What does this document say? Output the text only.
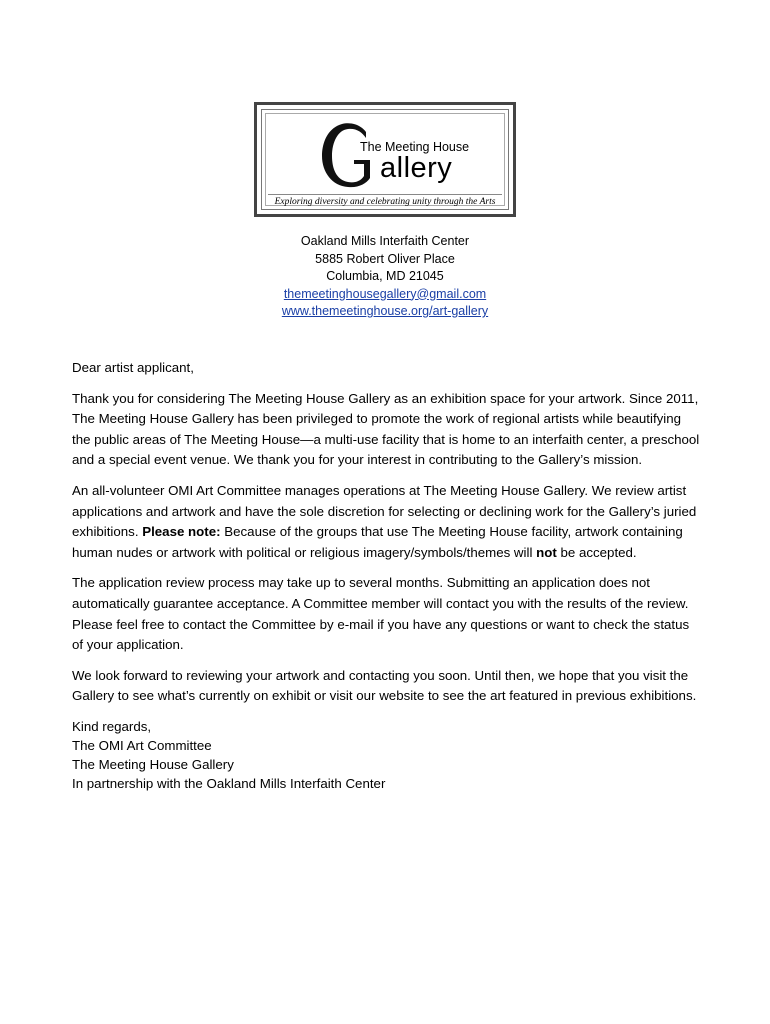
The Meeting House
allery
Exploring diversity and celebrating unity through the Arts
Oakland Mills Interfaith Center
5885 Robert Oliver Place
Columbia, MD 21045
themeetinghousegallery@gmail.com
www.themeetinghouse.org/art-gallery

Dear artist applicant,

Thank you for considering The Meeting House Gallery as an exhibition space for your artwork. Since 2011, The Meeting House Gallery has been privileged to promote the work of regional artists while beautifying the public areas of The Meeting House—a multi-use facility that is home to an interfaith center, a preschool and a special event venue. We thank you for your interest in contributing to the Gallery’s mission.

An all-volunteer OMI Art Committee manages operations at The Meeting House Gallery. We review artist applications and artwork and have the sole discretion for selecting or declining work for the Gallery’s juried exhibitions. Please note: Because of the groups that use The Meeting House facility, artwork containing human nudes or artwork with political or religious imagery/symbols/themes will not be accepted.

The application review process may take up to several months. Submitting an application does not automatically guarantee acceptance. A Committee member will contact you with the results of the review. Please feel free to contact the Committee by e-mail if you have any questions or want to check the status of your application.

We look forward to reviewing your artwork and contacting you soon. Until then, we hope that you visit the Gallery to see what’s currently on exhibit or visit our website to see the art featured in previous exhibitions.

Kind regards,
The OMI Art Committee
The Meeting House Gallery
In partnership with the Oakland Mills Interfaith Center
